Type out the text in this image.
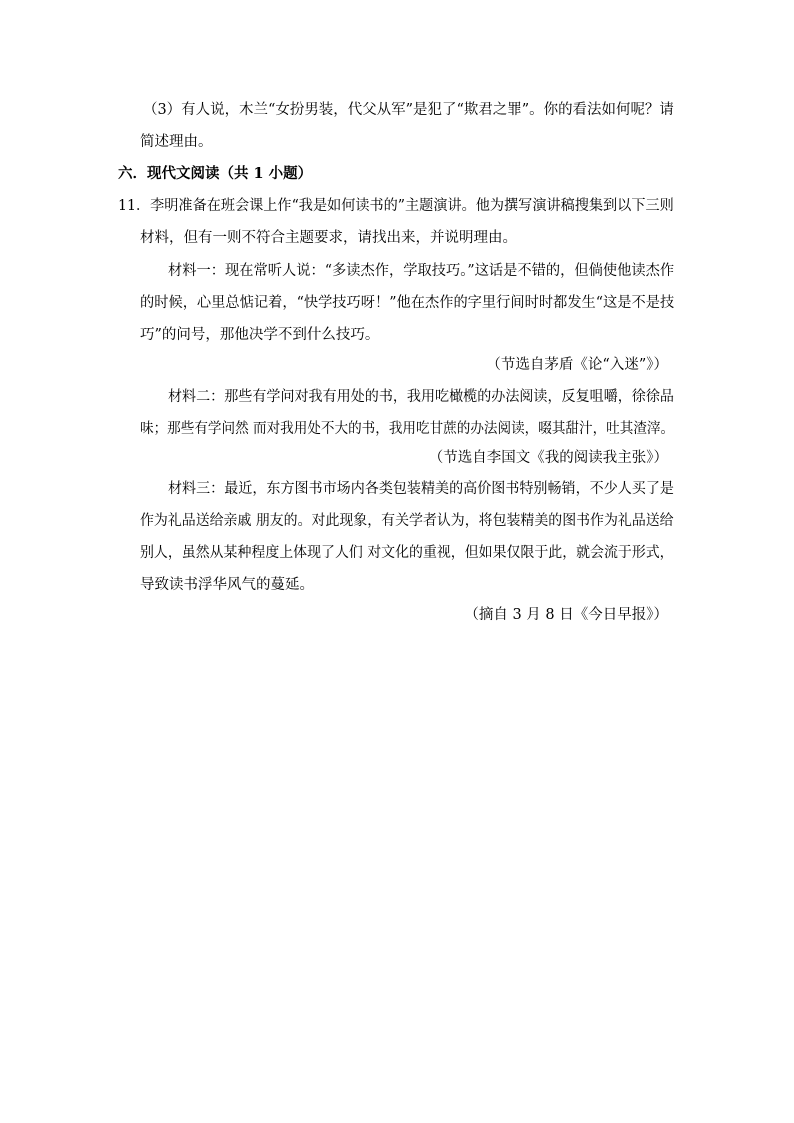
（3）有人说，木兰“女扮男装，代父从军”是犯了“欺君之罪”。你的看法如何呢？请
简述理由。
六．现代文阅读（共 1 小题）
11．李明准备在班会课上作“我是如何读书的”主题演讲。他为撰写演讲稿搜集到以下三则
材料，但有一则不符合主题要求，请找出来，并说明理由。
材料一：现在常听人说：“多读杰作，学取技巧。”这话是不错的，但倘使他读杰作
的时候，心里总惦记着，“快学技巧呀！”他在杰作的字里行间时时都发生“这是不是技
巧”的问号，那他决学不到什么技巧。
（节选自茅盾《论“入迷”》）
材料二：那些有学问对我有用处的书，我用吃橄榄的办法阅读，反复咀嚼，徐徐品
味；那些有学问然 而对我用处不大的书，我用吃甘蔗的办法阅读，啜其甜汁，吐其渣滓。
（节选自李国文《我的阅读我主张》）
材料三：最近，东方图书市场内各类包装精美的高价图书特别畅销，不少人买了是
作为礼品送给亲戚 朋友的。对此现象，有关学者认为，将包装精美的图书作为礼品送给
别人，虽然从某种程度上体现了人们 对文化的重视，但如果仅限于此，就会流于形式，
导致读书浮华风气的蔓延。
（摘自 3 月 8 日《今日早报》）
